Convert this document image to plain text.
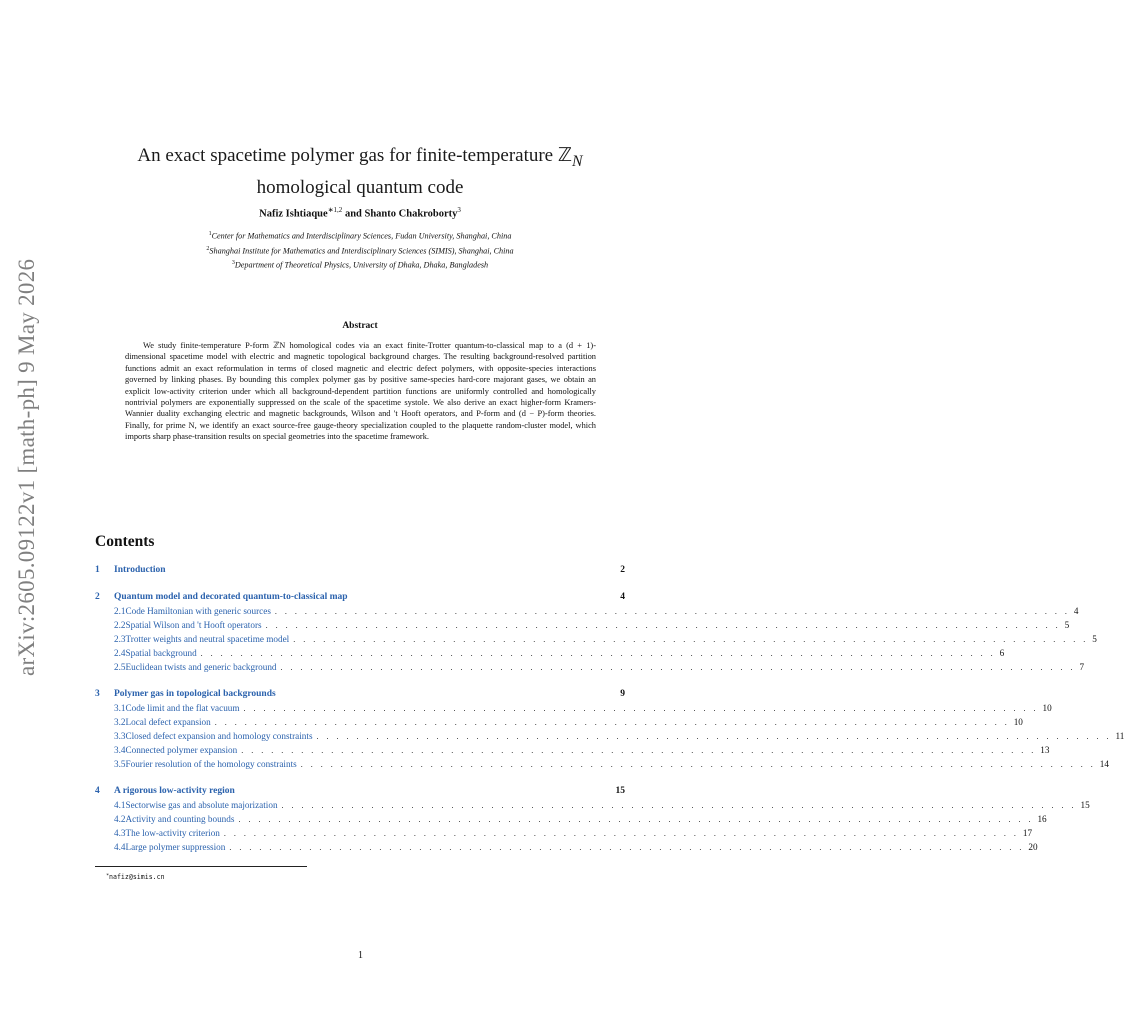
arXiv:2605.09122v1 [math-ph] 9 May 2026
An exact spacetime polymer gas for finite-temperature ℤ$_N$
homological quantum code
Nafiz Ishtiaque$^{∗1,2}$ and Shanto Chakroborty$^3$
$^1$Center for Mathematics and Interdisciplinary Sciences, Fudan University, Shanghai, China
$^2$Shanghai Institute for Mathematics and Interdisciplinary Sciences (SIMIS), Shanghai, China
$^3$Department of Theoretical Physics, University of Dhaka, Dhaka, Bangladesh
Abstract

We study finite-temperature P-form ℤN homological codes via an exact finite-Trotter quantum-to-classical map to a (d + 1)-dimensional spacetime model with electric and magnetic topological background charges. The resulting background-resolved partition functions admit an exact reformulation in terms of closed magnetic and electric defect polymers, with opposite-species interactions governed by linking phases. By bounding this complex polymer gas by positive same-species hard-core majorant gases, we obtain an explicit low-activity criterion under which all background-dependent partition functions are uniformly controlled and homologically nontrivial polymers are exponentially suppressed on the scale of the spacetime systole. We also derive an exact higher-form Kramers-Wannier duality exchanging electric and magnetic backgrounds, Wilson and 't Hooft operators, and P-form and (d − P)-form theories. Finally, for prime N, we identify an exact source-free gauge-theory specialization coupled to the plaquette random-cluster model, which imports sharp phase-transition results on special geometries into the spacetime framework.

Contents
1	Introduction	2
2	Quantum model and decorated quantum-to-classical map	4
2.1 Code Hamiltonian with generic sources . . . . . . . . . . . . . . . . . . . . . . . . . . . . . . . . . . . . . . . . . . . . . . . . . . . . . . . . . . . . . . . . . . . . . . . . . . . . . . . . 4
2.2 Spatial Wilson and 't Hooft operators . . . . . . . . . . . . . . . . . . . . . . . . . . . . . . . . . . . . . . . . . . . . . . . . . . . . . . . . . . . . . . . . . . . . . . . . . . . . . . . . 5
2.3 Trotter weights and neutral spacetime model . . . . . . . . . . . . . . . . . . . . . . . . . . . . . . . . . . . . . . . . . . . . . . . . . . . . . . . . . . . . . . . . . . . . . . . . . . . . . . . . 5
2.4 Spatial background . . . . . . . . . . . . . . . . . . . . . . . . . . . . . . . . . . . . . . . . . . . . . . . . . . . . . . . . . . . . . . . . . . . . . . . . . . . . . . . . 6
2.5 Euclidean twists and generic background . . . . . . . . . . . . . . . . . . . . . . . . . . . . . . . . . . . . . . . . . . . . . . . . . . . . . . . . . . . . . . . . . . . . . . . . . . . . . . . . 7
3	Polymer gas in topological backgrounds	9
3.1 Code limit and the flat vacuum . . . . . . . . . . . . . . . . . . . . . . . . . . . . . . . . . . . . . . . . . . . . . . . . . . . . . . . . . . . . . . . . . . . . . . . . . . . . . . . . 10
3.2 Local defect expansion . . . . . . . . . . . . . . . . . . . . . . . . . . . . . . . . . . . . . . . . . . . . . . . . . . . . . . . . . . . . . . . . . . . . . . . . . . . . . . . . 10
3.3 Closed defect expansion and homology constraints . . . . . . . . . . . . . . . . . . . . . . . . . . . . . . . . . . . . . . . . . . . . . . . . . . . . . . . . . . . . . . . . . . . . . . . . . . . . . . . . 11
3.4 Connected polymer expansion . . . . . . . . . . . . . . . . . . . . . . . . . . . . . . . . . . . . . . . . . . . . . . . . . . . . . . . . . . . . . . . . . . . . . . . . . . . . . . . . 13
3.5 Fourier resolution of the homology constraints . . . . . . . . . . . . . . . . . . . . . . . . . . . . . . . . . . . . . . . . . . . . . . . . . . . . . . . . . . . . . . . . . . . . . . . . . . . . . . . . 14
4	A rigorous low-activity region	15
4.1 Sectorwise gas and absolute majorization . . . . . . . . . . . . . . . . . . . . . . . . . . . . . . . . . . . . . . . . . . . . . . . . . . . . . . . . . . . . . . . . . . . . . . . . . . . . . . . . 15
4.2 Activity and counting bounds . . . . . . . . . . . . . . . . . . . . . . . . . . . . . . . . . . . . . . . . . . . . . . . . . . . . . . . . . . . . . . . . . . . . . . . . . . . . . . . . 16
4.3 The low-activity criterion . . . . . . . . . . . . . . . . . . . . . . . . . . . . . . . . . . . . . . . . . . . . . . . . . . . . . . . . . . . . . . . . . . . . . . . . . . . . . . . . 17
4.4 Large polymer suppression . . . . . . . . . . . . . . . . . . . . . . . . . . . . . . . . . . . . . . . . . . . . . . . . . . . . . . . . . . . . . . . . . . . . . . . . . . . . . . . . 20
∗nafiz@simis.cn
1
